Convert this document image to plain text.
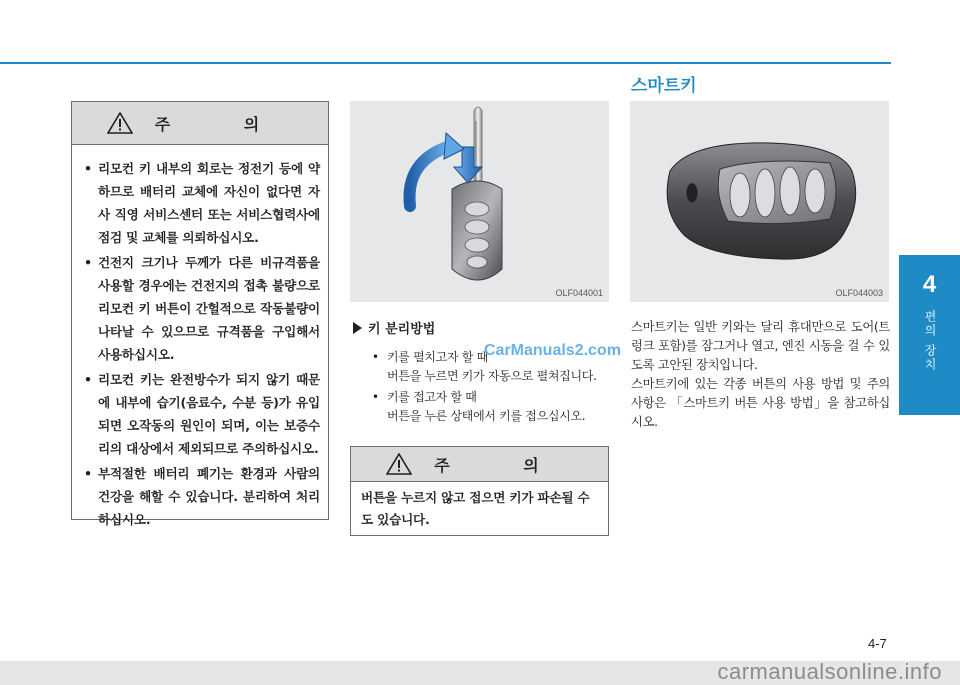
주 의
• 리모컨 키 내부의 회로는 정전기 등에 약하므로 배터리 교체에 자신이 없다면 자사 직영 서비스센터 또는 서비스협력사에 점검 및 교체를 의뢰하십시오.
• 건전지 크기나 두께가 다른 비규격품을 사용할 경우에는 건전지의 접촉 불량으로 리모컨 키 버튼이 간헐적으로 작동불량이 나타날 수 있으므로 규격품을 구입해서 사용하십시오.
• 리모컨 키는 완전방수가 되지 않기 때문에 내부에 습기(음료수, 수분 등)가 유입되면 오작동의 원인이 되며, 이는 보증수리의 대상에서 제외되므로 주의하십시오.
• 부적절한 배터리 폐기는 환경과 사람의 건강을 해할 수 있습니다. 분리하여 처리하십시오.
OLF044001
키 분리방법
• 키를 펼치고자 할 때
버튼을 누르면 키가 자동으로 펼쳐집니다.
• 키를 접고자 할 때
버튼을 누른 상태에서 키를 접으십시오.
CarManuals2.com
주 의

버튼을 누르지 않고 접으면 키가 파손될 수 도 있습니다.

스마트키
OLF044003

스마트키는 일반 키와는 달리 휴대만으로 도어(트렁크 포함)를 잠그거나 열고, 엔진 시동을 걸 수 있도록 고안된 장치입니다.

스마트키에 있는 각종 버튼의 사용 방법 및 주의 사항은 「스마트키 버튼 사용 방법」을 참고하십시오.

4
편의 장치
4-7
carmanualsonline.info
